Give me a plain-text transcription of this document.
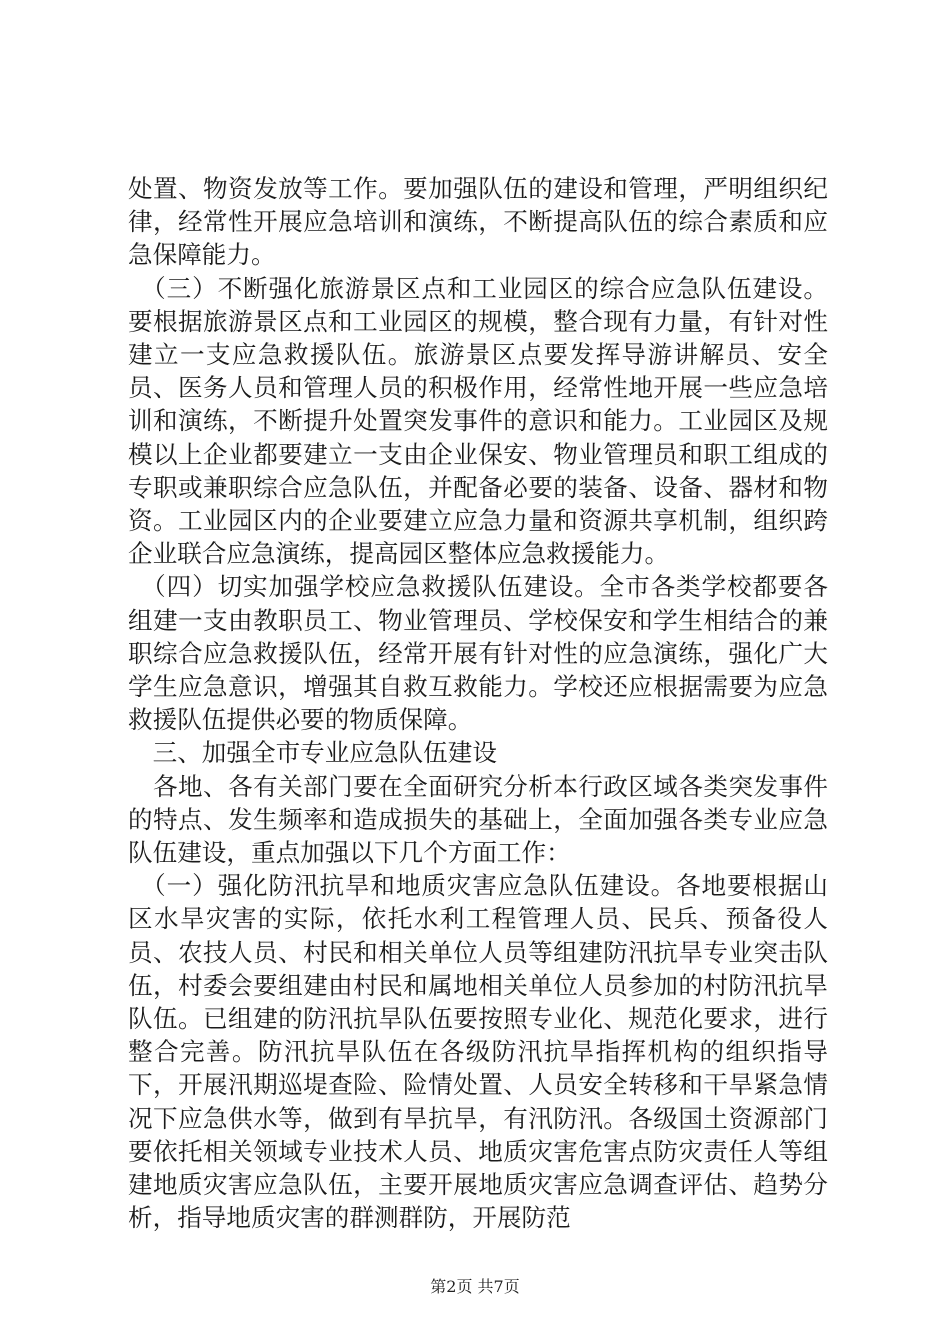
处置、物资发放等工作。要加强队伍的建设和管理，严明组织纪律，经常性开展应急培训和演练，不断提高队伍的综合素质和应急保障能力。

　（三）不断强化旅游景区点和工业园区的综合应急队伍建设。要根据旅游景区点和工业园区的规模，整合现有力量，有针对性建立一支应急救援队伍。旅游景区点要发挥导游讲解员、安全员、医务人员和管理人员的积极作用，经常性地开展一些应急培训和演练，不断提升处置突发事件的意识和能力。工业园区及规模以上企业都要建立一支由企业保安、物业管理员和职工组成的专职或兼职综合应急队伍，并配备必要的装备、设备、器材和物资。工业园区内的企业要建立应急力量和资源共享机制，组织跨企业联合应急演练，提高园区整体应急救援能力。

　（四）切实加强学校应急救援队伍建设。全市各类学校都要各组建一支由教职员工、物业管理员、学校保安和学生相结合的兼职综合应急救援队伍，经常开展有针对性的应急演练，强化广大学生应急意识，增强其自救互救能力。学校还应根据需要为应急救援队伍提供必要的物质保障。

　三、加强全市专业应急队伍建设

　各地、各有关部门要在全面研究分析本行政区域各类突发事件的特点、发生频率和造成损失的基础上，全面加强各类专业应急队伍建设，重点加强以下几个方面工作：

　（一）强化防汛抗旱和地质灾害应急队伍建设。各地要根据山区水旱灾害的实际，依托水利工程管理人员、民兵、预备役人员、农技人员、村民和相关单位人员等组建防汛抗旱专业突击队伍，村委会要组建由村民和属地相关单位人员参加的村防汛抗旱队伍。已组建的防汛抗旱队伍要按照专业化、规范化要求，进行整合完善。防汛抗旱队伍在各级防汛抗旱指挥机构的组织指导下，开展汛期巡堤查险、险情处置、人员安全转移和干旱紧急情况下应急供水等，做到有旱抗旱，有汛防汛。各级国土资源部门要依托相关领域专业技术人员、地质灾害危害点防灾责任人等组建地质灾害应急队伍，主要开展地质灾害应急调查评估、趋势分析，指导地质灾害的群测群防，开展防范

第2页 共7页
